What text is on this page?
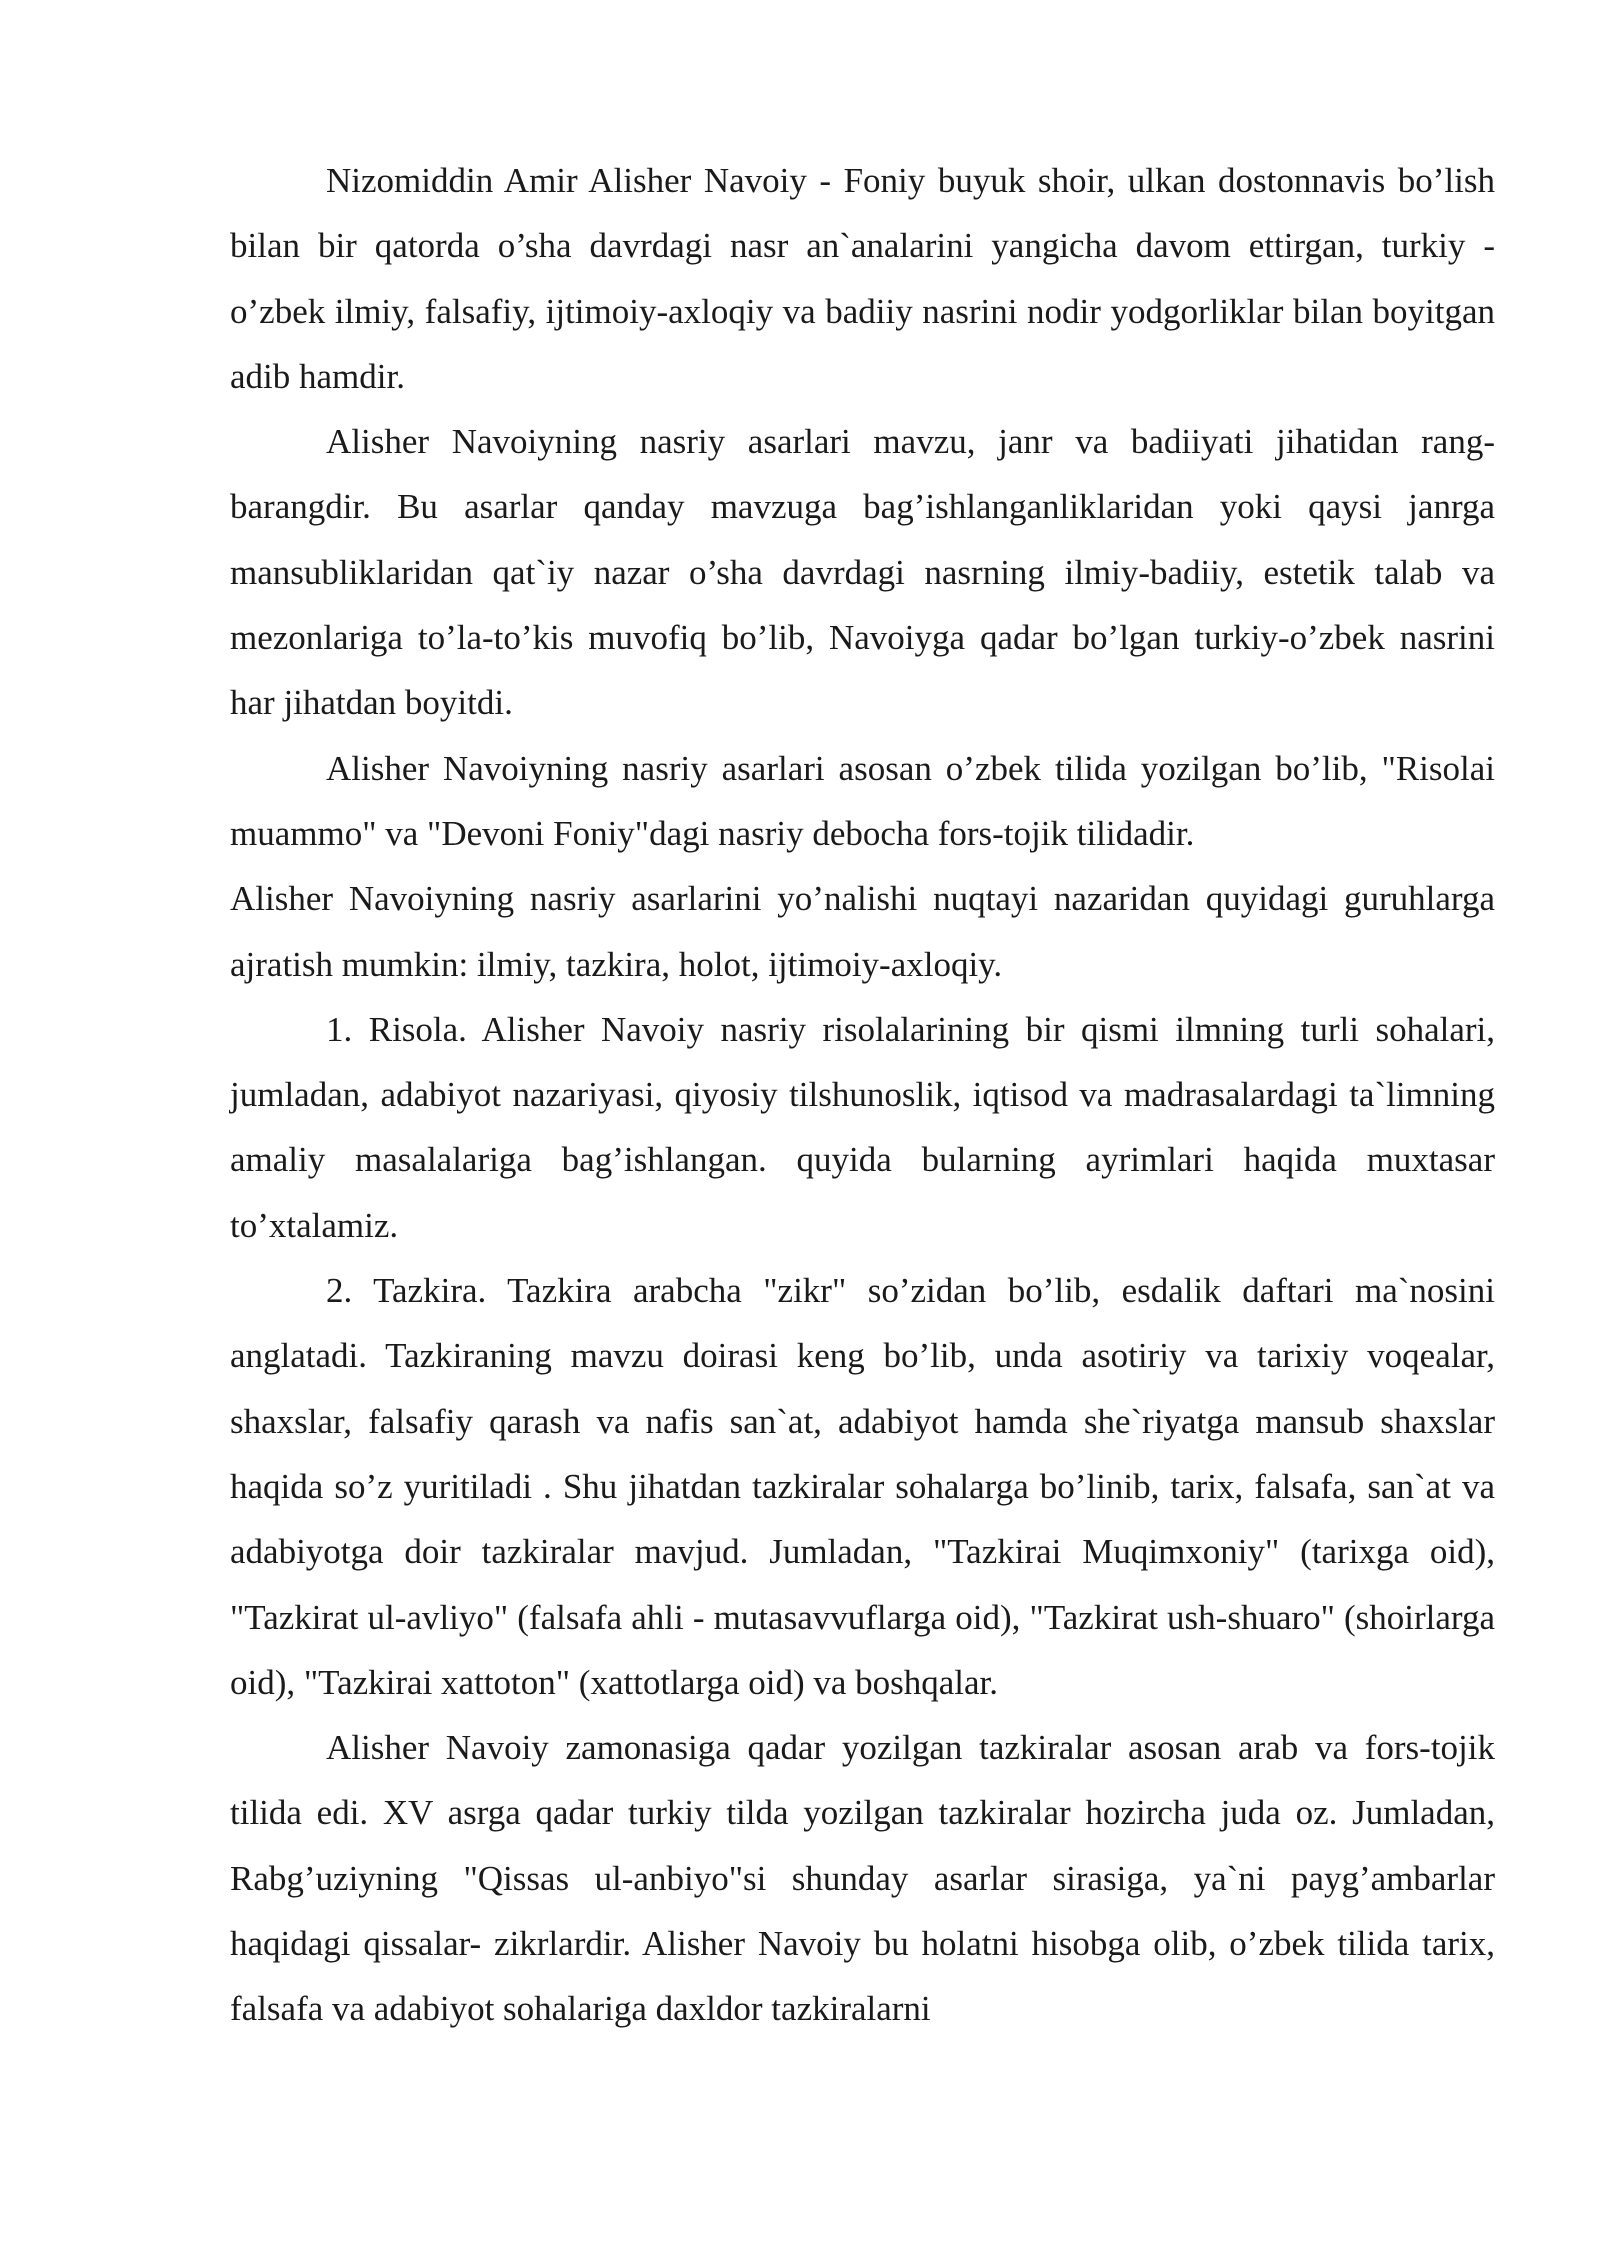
Nizomiddin Amir Alisher Navoiy - Foniy buyuk shoir, ulkan dostonnavis bo’lish bilan bir qatorda o’sha davrdagi nasr an`analarini yangicha davom ettirgan, turkiy - o’zbek ilmiy, falsafiy, ijtimoiy-axloqiy va badiiy nasrini nodir yodgorliklar bilan boyitgan adib hamdir.

Alisher Navoiyning nasriy asarlari mavzu, janr va badiiyati jihatidan rang-barangdir. Bu asarlar qanday mavzuga bag’ishlanganliklaridan yoki qaysi janrga mansubliklaridan qat`iy nazar o’sha davrdagi nasrning ilmiy-badiiy, estetik talab va mezonlariga to’la-to’kis muvofiq bo’lib, Navoiyga qadar bo’lgan turkiy-o’zbek nasrini har jihatdan boyitdi.

Alisher Navoiyning nasriy asarlari asosan o’zbek tilida yozilgan bo’lib, "Risolai muammo" va "Devoni Foniy"dagi nasriy debocha fors-tojik tilidadir.

Alisher Navoiyning nasriy asarlarini yo’nalishi nuqtayi nazaridan quyidagi guruhlarga ajratish mumkin: ilmiy, tazkira, holot, ijtimoiy-axloqiy.

1. Risola. Alisher Navoiy nasriy risolalarining bir qismi ilmning turli sohalari, jumladan, adabiyot nazariyasi, qiyosiy tilshunoslik, iqtisod va madrasalardagi ta`limning amaliy masalalariga bag’ishlangan. quyida bularning ayrimlari haqida muxtasar to’xtalamiz.

2. Tazkira. Tazkira arabcha "zikr" so’zidan bo’lib, esdalik daftari ma`nosini anglatadi. Tazkiraning mavzu doirasi keng bo’lib, unda asotiriy va tarixiy voqealar, shaxslar, falsafiy qarash va nafis san`at, adabiyot hamda she`riyatga mansub shaxslar haqida so’z yuritiladi . Shu jihatdan tazkiralar sohalarga bo’linib, tarix, falsafa, san`at va adabiyotga doir tazkiralar mavjud. Jumladan, "Tazkirai Muqimxoniy" (tarixga oid), "Tazkirat ul-avliyo" (falsafa ahli - mutasavvuflarga oid), "Tazkirat ush-shuaro" (shoirlarga oid), "Tazkirai xattoton" (xattotlarga oid) va boshqalar.

Alisher Navoiy zamonasiga qadar yozilgan tazkiralar asosan arab va fors-tojik tilida edi. XV asrga qadar turkiy tilda yozilgan tazkiralar hozircha juda oz. Jumladan, Rabg’uziyning "Qissas ul-anbiyo"si shunday asarlar sirasiga, ya`ni payg’ambarlar haqidagi qissalar- zikrlardir. Alisher Navoiy bu holatni hisobga olib, o’zbek tilida tarix, falsafa va adabiyot sohalariga daxldor tazkiralarni
